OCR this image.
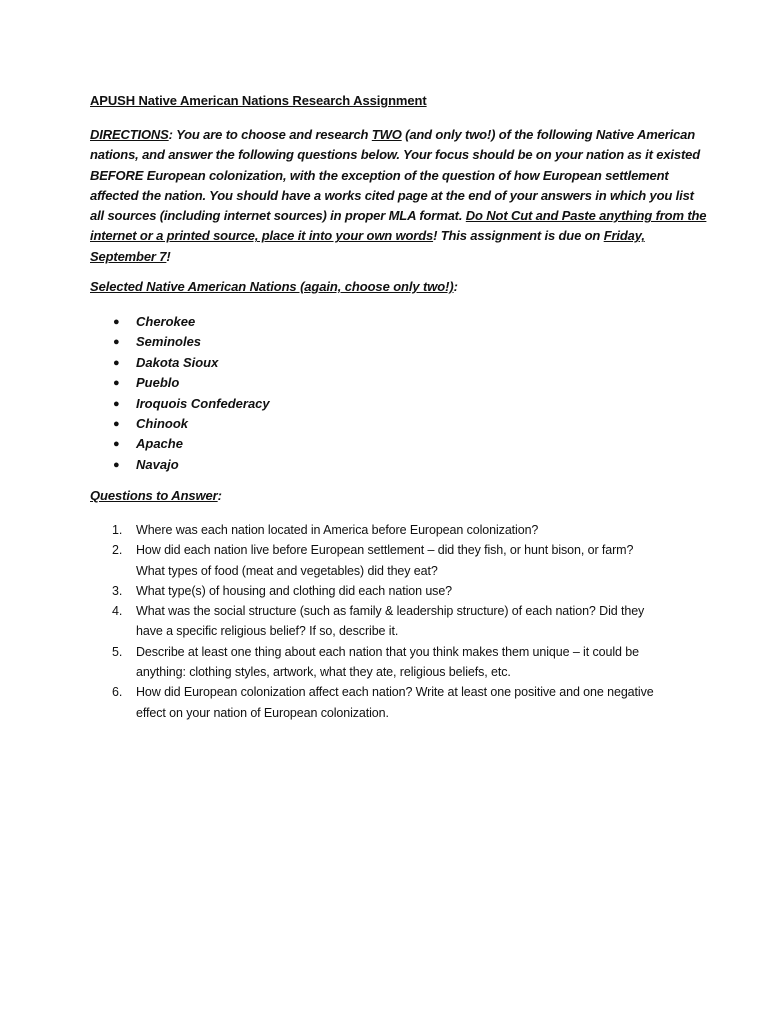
APUSH Native American Nations Research Assignment
DIRECTIONS: You are to choose and research TWO (and only two!) of the following Native American
nations, and answer the following questions below. Your focus should be on your nation as it existed
BEFORE European colonization, with the exception of the question of how European settlement
affected the nation. You should have a works cited page at the end of your answers in which you list
all sources (including internet sources) in proper MLA format. Do Not Cut and Paste anything from the
internet or a printed source, place it into your own words! This assignment is due on Friday,
September 7!
Selected Native American Nations (again, choose only two!):
● Cherokee
● Seminoles
● Dakota Sioux
● Pueblo
● Iroquois Confederacy
● Chinook
● Apache
● Navajo
Questions to Answer:
1.	Where was each nation located in America before European colonization?
2.	How did each nation live before European settlement – did they fish, or hunt bison, or farm?
What types of food (meat and vegetables) did they eat?
3.	What type(s) of housing and clothing did each nation use?
4.	What was the social structure (such as family & leadership structure) of each nation? Did they
have a specific religious belief? If so, describe it.
5.	Describe at least one thing about each nation that you think makes them unique – it could be
anything: clothing styles, artwork, what they ate, religious beliefs, etc.
6.	How did European colonization affect each nation? Write at least one positive and one negative
effect on your nation of European colonization.
